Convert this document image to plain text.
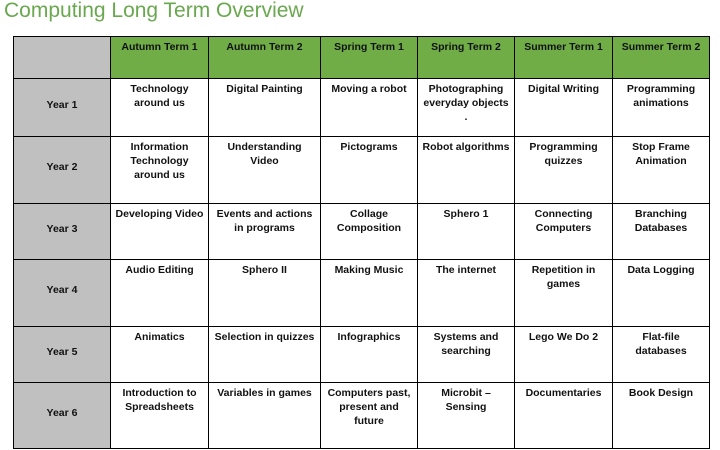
Computing Long Term Overview
	Autumn Term 1	Autumn Term 2	Spring Term 1	Spring Term 2	Summer Term 1	Summer Term 2

Year 1	Technology around us	Digital Painting	Moving a robot	Photographing everyday objects .	Digital Writing	Programming animations

Year 2	Information Technology around us	Understanding Video	Pictograms	Robot algorithms	Programming quizzes	Stop Frame Animation

Year 3	Developing Video	Events and actions in programs	Collage Composition	Sphero 1	Connecting Computers	Branching Databases

Year 4	Audio Editing	Sphero II	Making Music	The internet	Repetition in games	Data Logging

Year 5	Animatics	Selection in quizzes	Infographics	Systems and searching	Lego We Do 2	Flat-file databases

Year 6	Introduction to Spreadsheets	Variables in games	Computers past, present and future	Microbit – Sensing	Documentaries	Book Design
